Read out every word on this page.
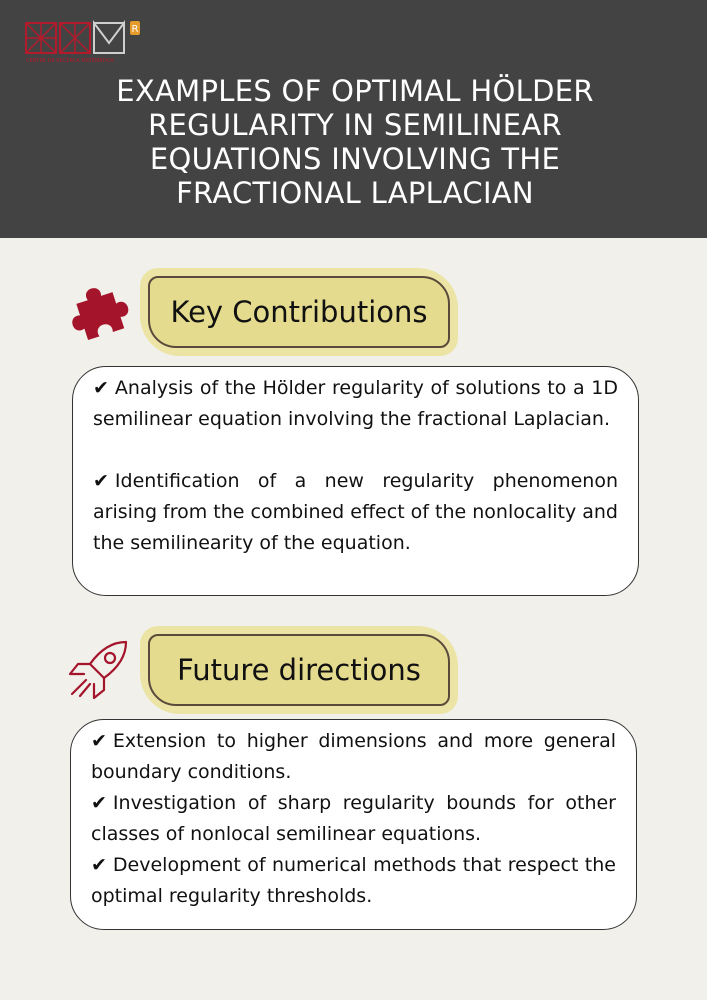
R
CENTRE DE RECERCA MATEMÀTICA
EXAMPLES OF OPTIMAL HÖLDER REGULARITY IN SEMILINEAR EQUATIONS INVOLVING THE FRACTIONAL LAPLACIAN
Key Contributions

✔ Analysis of the Hölder regularity of solutions to a 1D semilinear equation involving the fractional Laplacian.

✔ Identification of a new regularity phenomenon arising from the combined effect of the nonlocality and the semilinearity of the equation.

Future directions

✔ Extension to higher dimensions and more general boundary conditions.

✔ Investigation of sharp regularity bounds for other classes of nonlocal semilinear equations.

✔ Development of numerical methods that respect the optimal regularity thresholds.
